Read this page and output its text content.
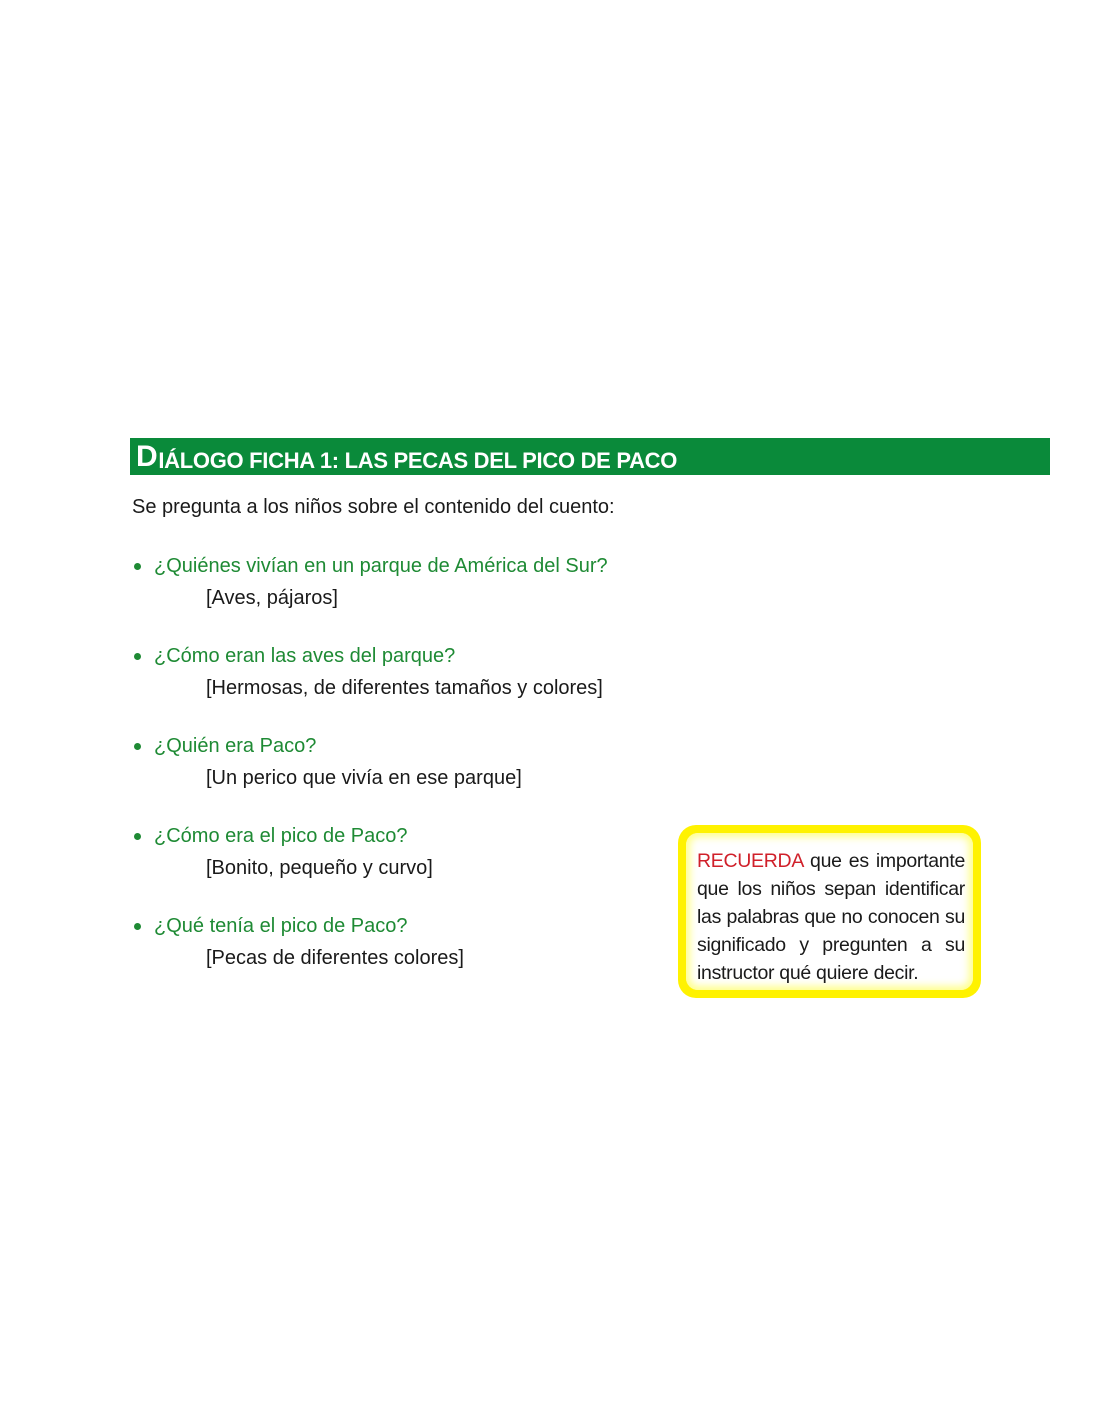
D IÁLOGO FICHA 1: LAS PECAS DEL PICO DE PACO
Se pregunta a los niños sobre el contenido del cuento:
¿Quiénes vivían en un parque de América del Sur?
[Aves, pájaros]
¿Cómo eran las aves del parque?
[Hermosas, de diferentes tamaños y colores]
¿Quién era Paco?
[Un perico que vivía en ese parque]
¿Cómo era el pico de Paco?
[Bonito, pequeño y curvo]
¿Qué tenía el pico de Paco?
[Pecas de diferentes colores]
RECUERDA que es importante que los niños sepan identificar las palabras que no conocen su significado y pregunten a su instructor qué quiere decir.
